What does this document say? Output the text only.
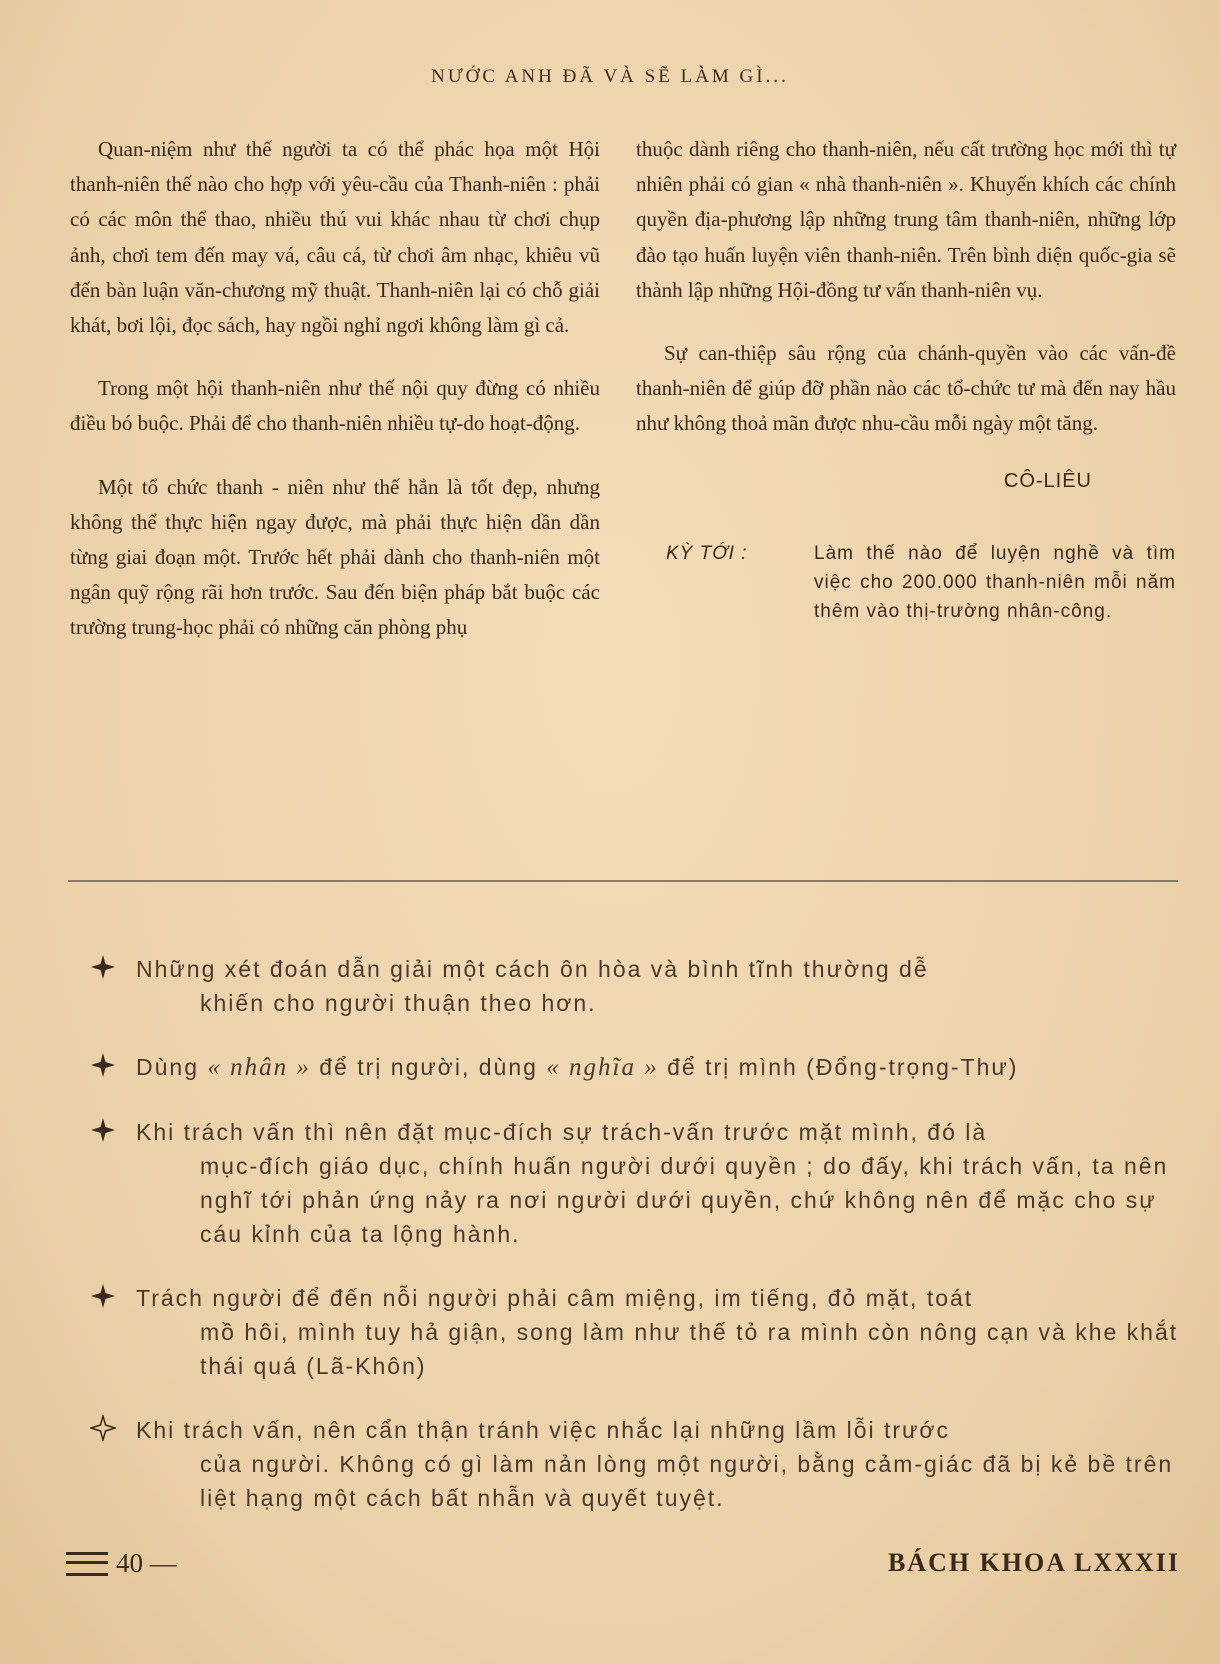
NƯỚC ANH ĐÃ VÀ SẼ LÀM GÌ...

Quan-niệm như thế người ta có thể phác họa một Hội thanh-niên thế nào cho hợp với yêu-cầu của Thanh-niên : phải có các môn thể thao, nhiều thú vui khác nhau từ chơi chụp ảnh, chơi tem đến may vá, câu cá, từ chơi âm nhạc, khiêu vũ đến bàn luận văn-chương mỹ thuật. Thanh-niên lại có chỗ giải khát, bơi lội, đọc sách, hay ngồi nghỉ ngơi không làm gì cả.

Trong một hội thanh-niên như thế nội quy đừng có nhiều điều bó buộc. Phải để cho thanh-niên nhiều tự-do hoạt-động.

Một tổ chức thanh - niên như thế hẳn là tốt đẹp, nhưng không thể thực hiện ngay được, mà phải thực hiện dần dần từng giai đoạn một. Trước hết phải dành cho thanh-niên một ngân quỹ rộng rãi hơn trước. Sau đến biện pháp bắt buộc các trường trung-học phải có những căn phòng phụ

thuộc dành riêng cho thanh-niên, nếu cất trường học mới thì tự nhiên phải có gian « nhà thanh-niên ». Khuyến khích các chính quyền địa-phương lập những trung tâm thanh-niên, những lớp đào tạo huấn luyện viên thanh-niên. Trên bình diện quốc-gia sẽ thành lập những Hội-đồng tư vấn thanh-niên vụ.

Sự can-thiệp sâu rộng của chánh-quyền vào các vấn-đề thanh-niên để giúp đỡ phần nào các tổ-chức tư mà đến nay hầu như không thoả mãn được nhu-cầu mỗi ngày một tăng.

CÔ-LIÊU
KỲ TỚI :	Làm thế nào để luyện nghề và tìm việc cho 200.000 thanh-niên mỗi năm thêm vào thị-trường nhân-công.
Những xét đoán dẫn giải một cách ôn hòa và bình tĩnh thường dễ
khiến cho người thuận theo hơn.
Dùng « nhân » để trị người, dùng « nghĩa » để trị mình (Đổng-trọng-Thư)
Khi trách vấn thì nên đặt mục-đích sự trách-vấn trước mặt mình, đó là
mục-đích giáo dục, chính huấn người dưới quyền ; do đấy, khi trách vấn, ta nên nghĩ tới phản ứng nảy ra nơi người dưới quyền, chứ không nên để mặc cho sự cáu kỉnh của ta lộng hành.
Trách người để đến nỗi người phải câm miệng, im tiếng, đỏ mặt, toát
mồ hôi, mình tuy hả giận, song làm như thế tỏ ra mình còn nông cạn và khe khắt thái quá (Lã-Khôn)
Khi trách vấn, nên cẩn thận tránh việc nhắc lại những lầm lỗi trước
của người. Không có gì làm nản lòng một người, bằng cảm-giác đã bị kẻ bề trên liệt hạng một cách bất nhẫn và quyết tuyệt.
40 —	BÁCH KHOA LXXXII
